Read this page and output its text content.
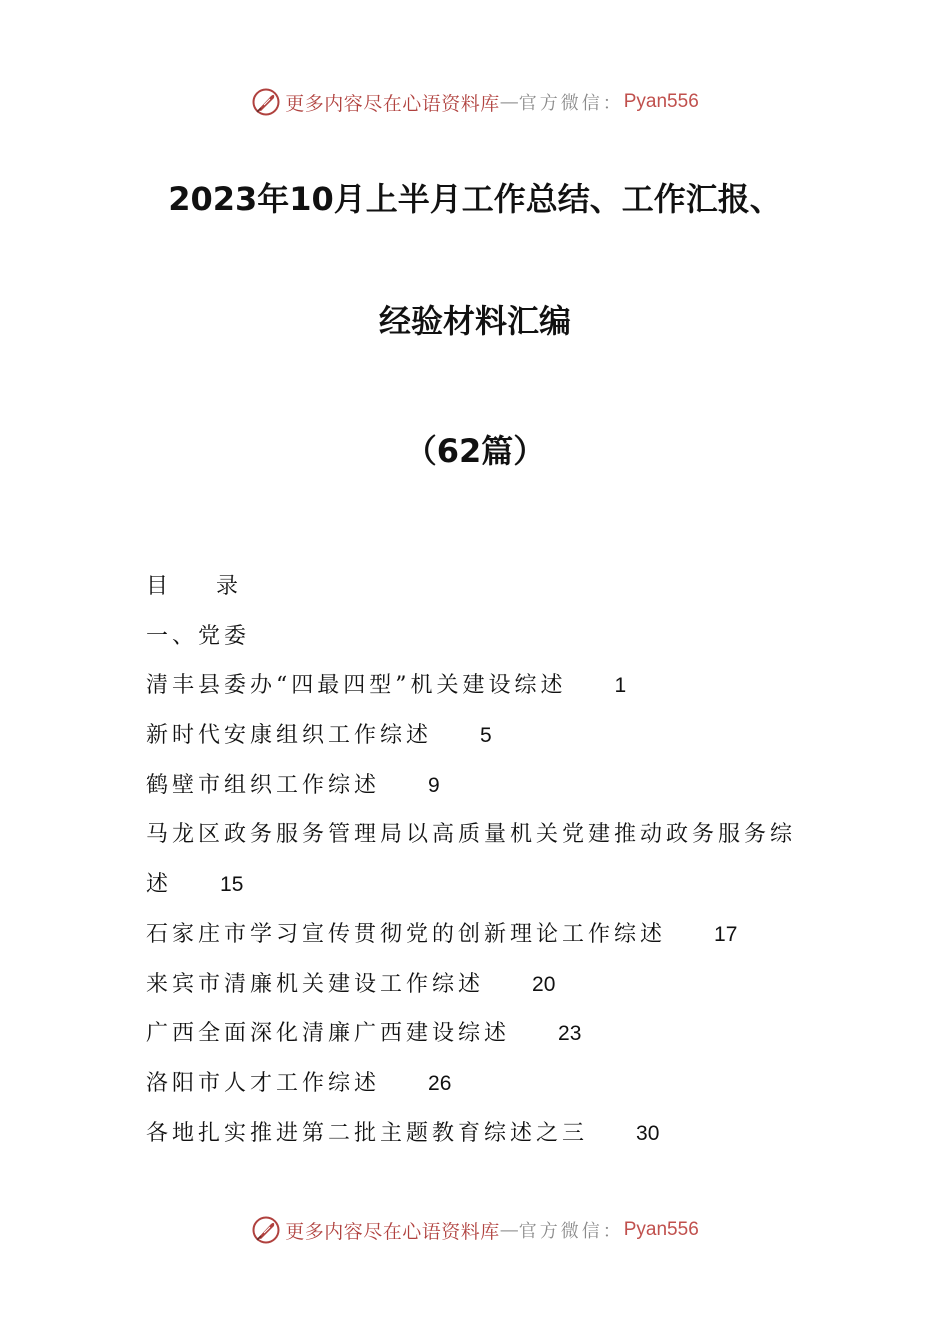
更多内容尽在心语资料库 — 官方微信： Pyan556
2023年10月上半月工作总结、工作汇报、
经验材料汇编
（62篇）
目 录
一、党委
清丰县委办“四最四型”机关建设综述 1
新时代安康组织工作综述 5
鹤壁市组织工作综述 9
马龙区政务服务管理局以高质量机关党建推动政务服务综
述 15
石家庄市学习宣传贯彻党的创新理论工作综述 17
来宾市清廉机关建设工作综述 20
广西全面深化清廉广西建设综述 23
洛阳市人才工作综述 26
各地扎实推进第二批主题教育综述之三 30
更多内容尽在心语资料库 — 官方微信： Pyan556
